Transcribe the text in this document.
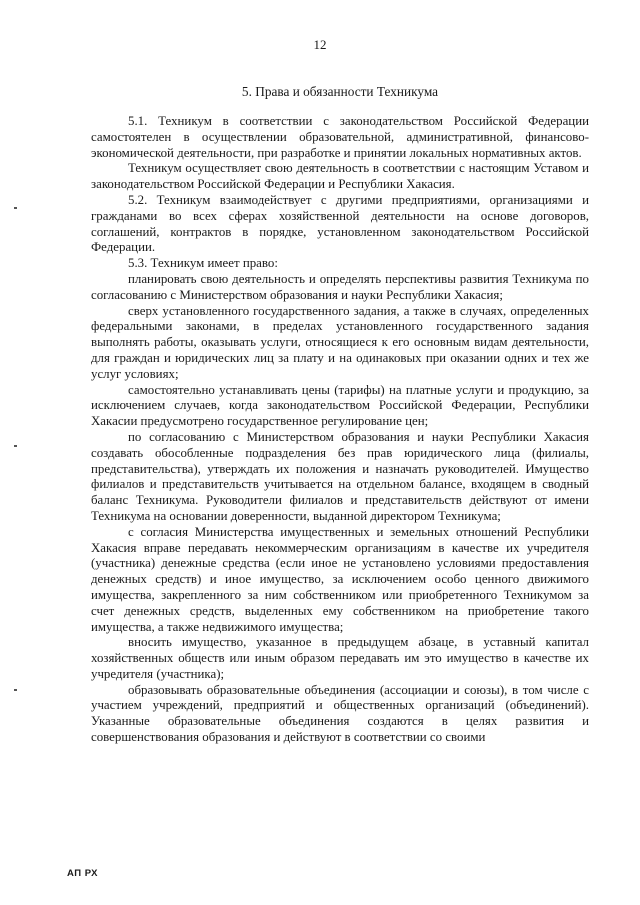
12
5. Права и обязанности Техникума

5.1. Техникум в соответствии с законодательством Российской Федерации самостоятелен в осуществлении образовательной, административной, финансово-экономической деятельности, при разработке и принятии локальных нормативных актов.

Техникум осуществляет свою деятельность в соответствии с настоящим Уставом и законодательством Российской Федерации и Республики Хакасия.

5.2. Техникум взаимодействует с другими предприятиями, организациями и гражданами во всех сферах хозяйственной деятельности на основе договоров, соглашений, контрактов в порядке, установленном законодательством Российской Федерации.

5.3. Техникум имеет право:

планировать свою деятельность и определять перспективы развития Техникума по согласованию с Министерством образования и науки Республики Хакасия;

сверх установленного государственного задания, а также в случаях, определенных федеральными законами, в пределах установленного государственного задания выполнять работы, оказывать услуги, относящиеся к его основным видам деятельности, для граждан и юридических лиц за плату и на одинаковых при оказании одних и тех же услуг условиях;

самостоятельно устанавливать цены (тарифы) на платные услуги и продукцию, за исключением случаев, когда законодательством Российской Федерации, Республики Хакасии предусмотрено государственное регулирование цен;

по согласованию с Министерством образования и науки Республики Хакасия создавать обособленные подразделения без прав юридического лица (филиалы, представительства), утверждать их положения и назначать руководителей. Имущество филиалов и представительств учитывается на отдельном балансе, входящем в сводный баланс Техникума. Руководители филиалов и представительств действуют от имени Техникума на основании доверенности, выданной директором Техникума;

с согласия Министерства имущественных и земельных отношений Республики Хакасия вправе передавать некоммерческим организациям в качестве их учредителя (участника) денежные средства (если иное не установлено условиями предоставления денежных средств) и иное имущество, за исключением особо ценного движимого имущества, закрепленного за ним собственником или приобретенного Техникумом за счет денежных средств, выделенных ему собственником на приобретение такого имущества, а также недвижимого имущества;

вносить имущество, указанное в предыдущем абзаце, в уставный капитал хозяйственных обществ или иным образом передавать им это имущество в качестве их учредителя (участника);

образовывать образовательные объединения (ассоциации и союзы), в том числе с участием учреждений, предприятий и общественных организаций (объединений). Указанные образовательные объединения создаются в целях развития и совершенствования образования и действуют в соответствии со своими

АП РХ
